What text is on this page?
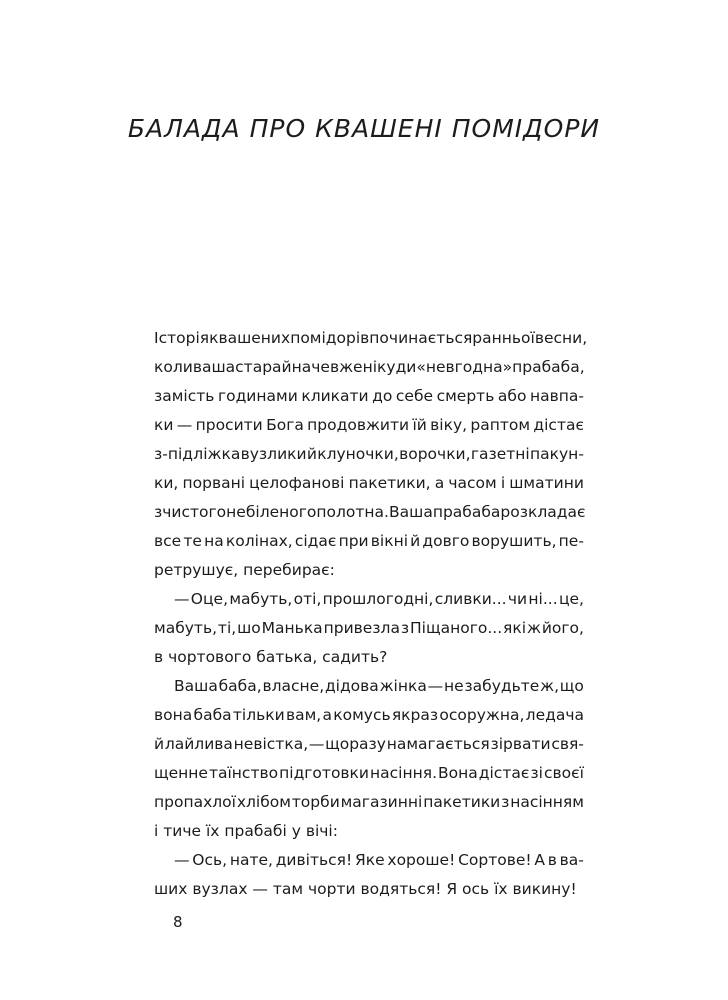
БАЛАДА ПРО КВАШЕНІ ПОМІДОРИ
Історія квашених помідорів починається ранньої весни,
коли ваша стара й наче вже нікуди «невгодна» прабаба,
замість годинами кликати до себе смерть або навпа-
ки — просити Бога продовжити їй віку, раптом дістає
з-під ліжка вузлики й клуночки, ворочки, газетні пакун-
ки, порвані целофанові пакетики, а часом і шматини
з чистого небіленого полотна. Ваша прабаба розкладає
все те на колінах, сідає при вікні й довго ворушить, пе-
ретрушує, перебирає:
— Оце, мабуть, оті, прошлогодні, сливки... чи ні... це,
мабуть, ті, шо Манька привезла з Піщаного... які ж його,
в чортового батька, садить?
Ваша баба, власне, дідова жінка — не забудьте ж, що
вона баба тільки вам, а комусь якраз осоружна, ледача
й лайлива невістка, — щоразу намагається зірвати свя-
щенне таїнство підготовки насіння. Вона дістає зі своєї
пропахлої хлібом торби магазинні пакетики з насінням
і тиче їх прабабі у вічі:
— Ось, нате, дивіться! Яке хороше! Сортове! А в ва-
ших вузлах — там чорти водяться! Я ось їх викину!
8
